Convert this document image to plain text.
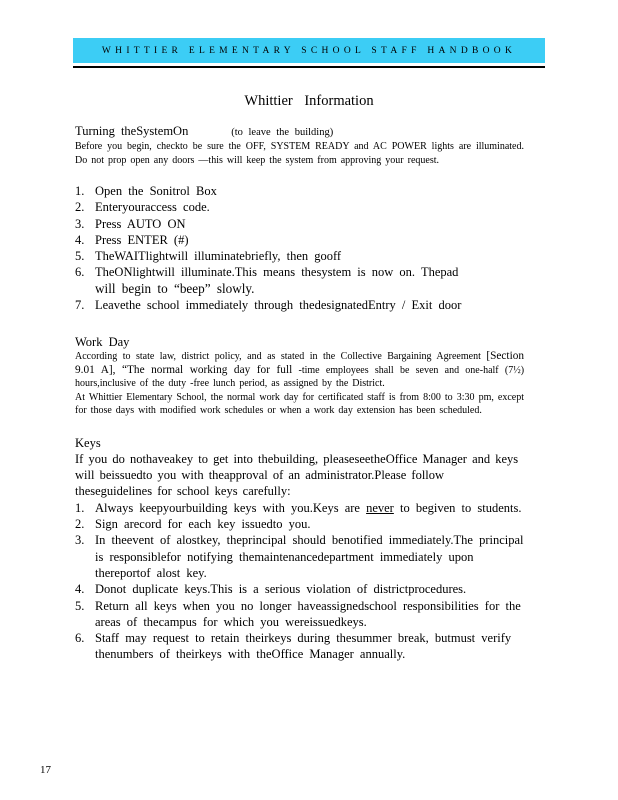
WHITTIER ELEMENTARY SCHOOL STAFF HANDBOOK
Whittier Information

Turning theSystemOn	(to leave the building)

Before you begin, checkto be sure the OFF, SYSTEM READY and AC POWER lights are illuminated. Do not prop open any doors —this will keep the system from approving your request.

1. Open the Sonitrol Box
2. Enteryouraccess code.
3. Press AUTO ON
4. Press ENTER (#)
5. TheWAITlightwill illuminatebriefly, then gooff
6. TheONlightwill illuminate.This means thesystem is now on. Thepad
will begin to “beep” slowly.
7. Leavethe school immediately through thedesignatedEntry / Exit door

Work Day

According to state law, district policy, and as stated in the Collective Bargaining Agreement [Section 9.01 A], “The normal working day for full -time employees shall be seven and one-half (7½) hours,inclusive of the duty -free lunch period, as assigned by the District.

At Whittier Elementary School, the normal work day for certificated staff is from 8:00 to 3:30 pm, except for those days with modified work schedules or when a work day extension has been scheduled.

Keys

If you do nothaveakey to get into thebuilding, pleaseseetheOffice Manager and keys will beissuedto you with theapproval of an administrator.Please follow theseguidelines for school keys carefully:

1. Always keepyourbuilding keys with you.Keys are never to begiven to students.
2. Sign arecord for each key issuedto you.
3. In theevent of alostkey, theprincipal should benotified immediately.The principal is responsiblefor notifying themaintenancedepartment immediately upon thereportof alost key.
4. Donot duplicate keys.This is a serious violation of districtprocedures.
5. Return all keys when you no longer haveassignedschool responsibilities for the areas of thecampus for which you wereissuedkeys.
6. Staff may request to retain theirkeys during thesummer break, butmust verify thenumbers of theirkeys with theOffice Manager annually.
17
